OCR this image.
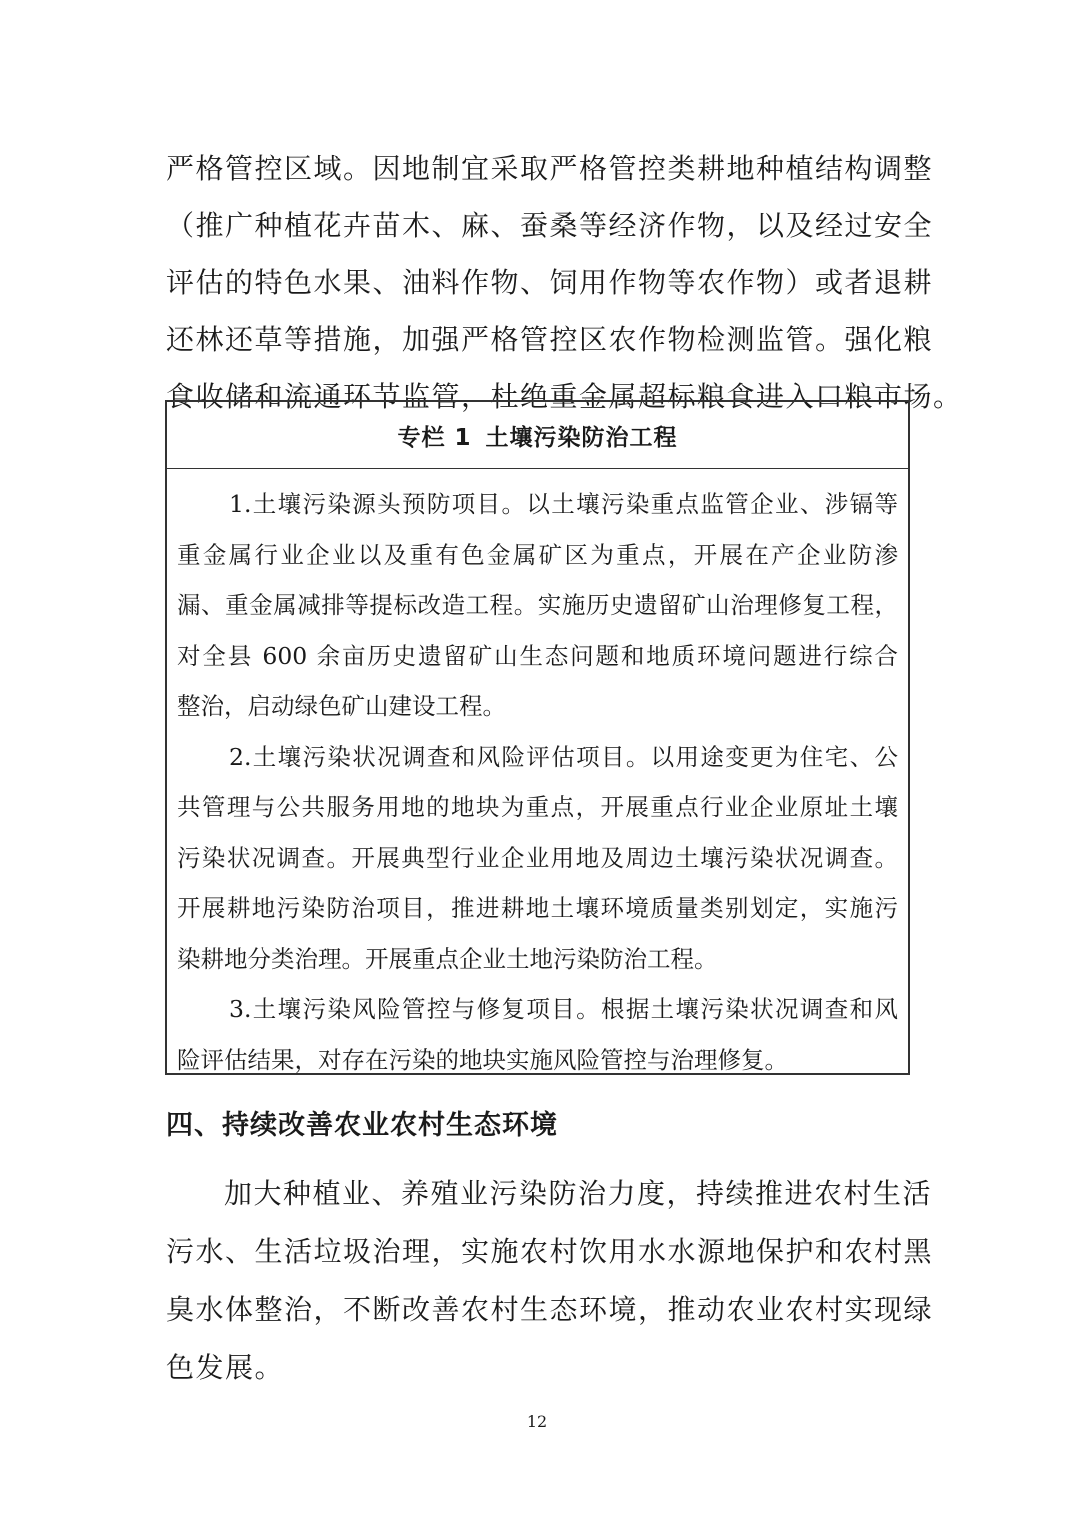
严格管控区域。因地制宜采取严格管控类耕地种植结构调整
（推广种植花卉苗木、麻、蚕桑等经济作物，以及经过安全
评估的特色水果、油料作物、饲用作物等农作物）或者退耕
还林还草等措施，加强严格管控区农作物检测监管。强化粮
食收储和流通环节监管，杜绝重金属超标粮食进入口粮市场。
专栏 1 土壤污染防治工程
1.土壤污染源头预防项目。以土壤污染重点监管企业、涉镉等
重金属行业企业以及重有色金属矿区为重点，开展在产企业防渗
漏、重金属减排等提标改造工程。实施历史遗留矿山治理修复工程，
对全县 600 余亩历史遗留矿山生态问题和地质环境问题进行综合
整治，启动绿色矿山建设工程。
2.土壤污染状况调查和风险评估项目。以用途变更为住宅、公
共管理与公共服务用地的地块为重点，开展重点行业企业原址土壤
污染状况调查。开展典型行业企业用地及周边土壤污染状况调查。
开展耕地污染防治项目，推进耕地土壤环境质量类别划定，实施污
染耕地分类治理。开展重点企业土地污染防治工程。
3.土壤污染风险管控与修复项目。根据土壤污染状况调查和风
险评估结果，对存在污染的地块实施风险管控与治理修复。
四、持续改善农业农村生态环境
加大种植业、养殖业污染防治力度，持续推进农村生活
污水、生活垃圾治理，实施农村饮用水水源地保护和农村黑
臭水体整治，不断改善农村生态环境，推动农业农村实现绿
色发展。
12
